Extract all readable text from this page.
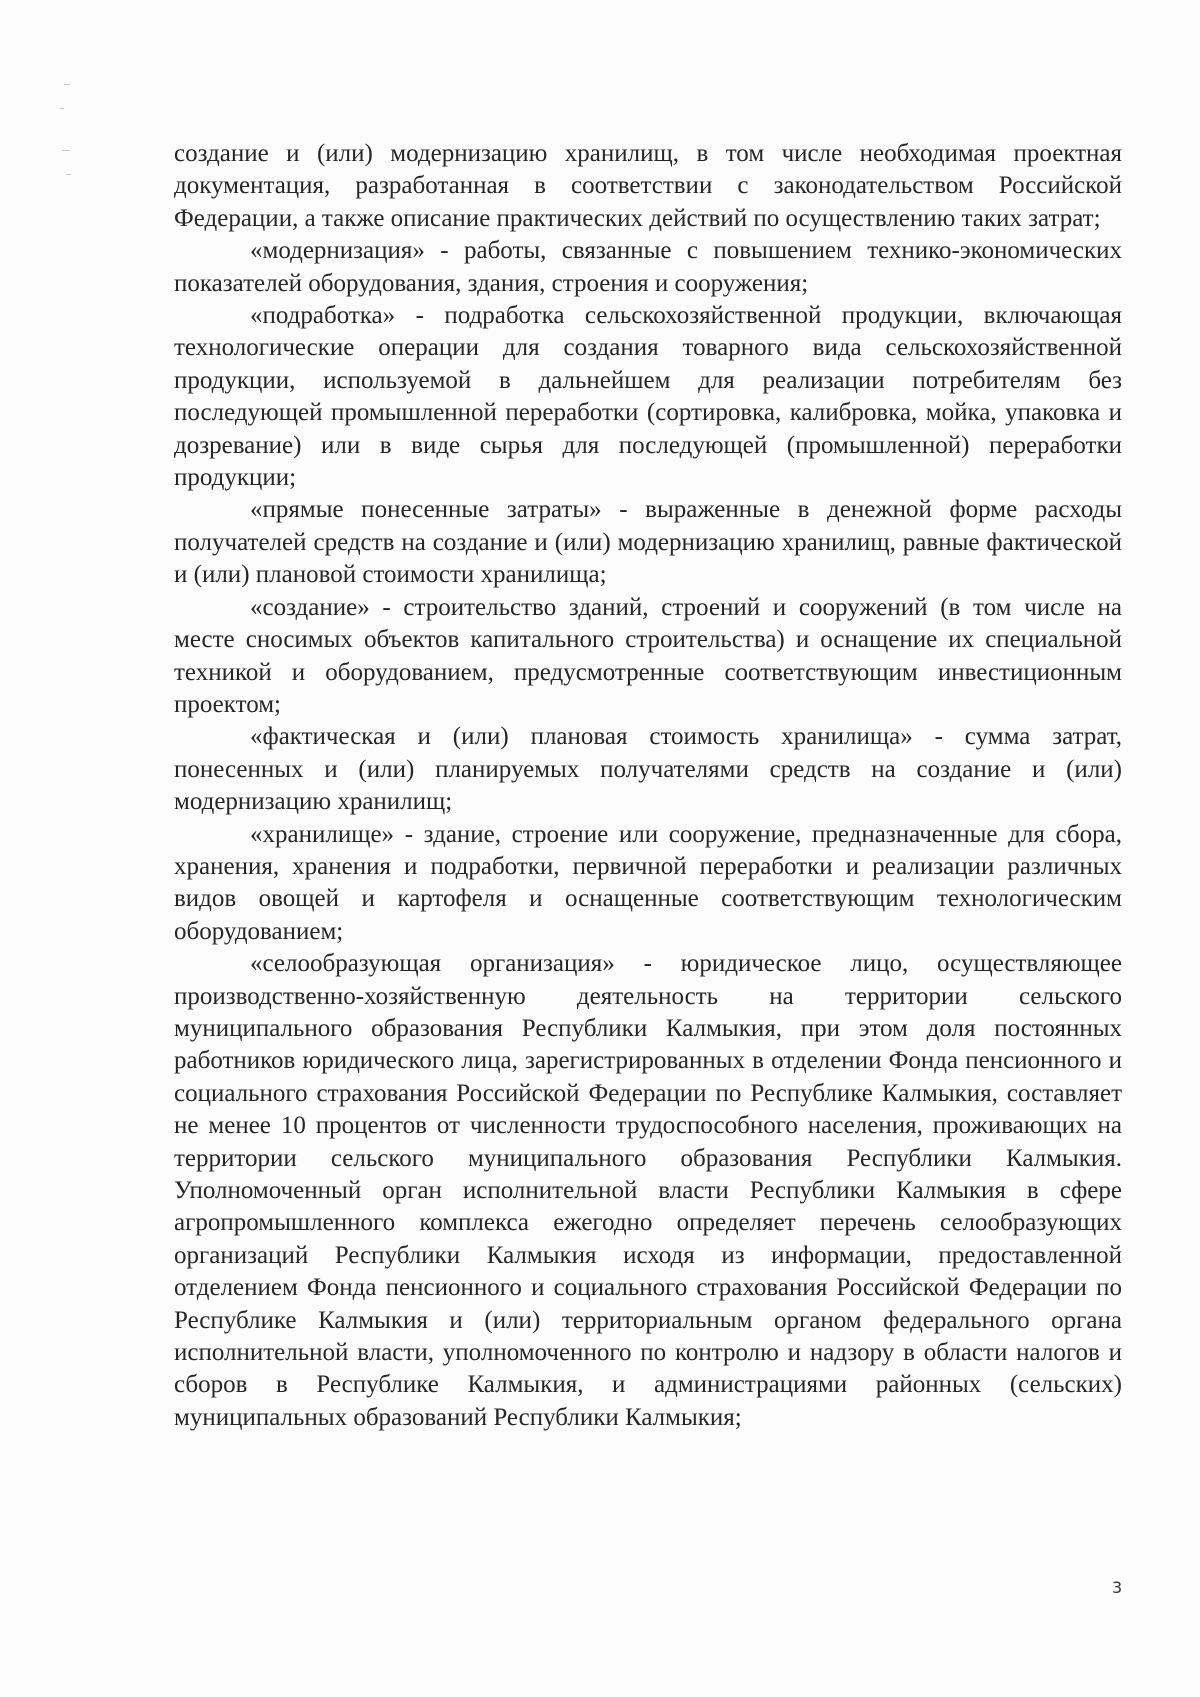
создание и (или) модернизацию хранилищ, в том числе необходимая проектная документация, разработанная в соответствии с законодательством Российской Федерации, а также описание практических действий по осуществлению таких затрат;

«модернизация» - работы, связанные с повышением технико-экономических показателей оборудования, здания, строения и сооружения;

«подработка» - подработка сельскохозяйственной продукции, включающая технологические операции для создания товарного вида сельскохозяйственной продукции, используемой в дальнейшем для реализации потребителям без последующей промышленной переработки (сортировка, калибровка, мойка, упаковка и дозревание) или в виде сырья для последующей (промышленной) переработки продукции;

«прямые понесенные затраты» - выраженные в денежной форме расходы получателей средств на создание и (или) модернизацию хранилищ, равные фактической и (или) плановой стоимости хранилища;

«создание» - строительство зданий, строений и сооружений (в том числе на месте сносимых объектов капитального строительства) и оснащение их специальной техникой и оборудованием, предусмотренные соответствующим инвестиционным проектом;

«фактическая и (или) плановая стоимость хранилища» - сумма затрат, понесенных и (или) планируемых получателями средств на создание и (или) модернизацию хранилищ;

«хранилище» - здание, строение или сооружение, предназначенные для сбора, хранения, хранения и подработки, первичной переработки и реализации различных видов овощей и картофеля и оснащенные соответствующим технологическим оборудованием;

«селообразующая организация» - юридическое лицо, осуществляющее производственно-хозяйственную деятельность на территории сельского муниципального образования Республики Калмыкия, при этом доля постоянных работников юридического лица, зарегистрированных в отделении Фонда пенсионного и социального страхования Российской Федерации по Республике Калмыкия, составляет не менее 10 процентов от численности трудоспособного населения, проживающих на территории сельского муниципального образования Республики Калмыкия. Уполномоченный орган исполнительной власти Республики Калмыкия в сфере агропромышленного комплекса ежегодно определяет перечень селообразующих организаций Республики Калмыкия исходя из информации, предоставленной отделением Фонда пенсионного и социального страхования Российской Федерации по Республике Калмыкия и (или) территориальным органом федерального органа исполнительной власти, уполномоченного по контролю и надзору в области налогов и сборов в Республике Калмыкия, и администрациями районных (сельских) муниципальных образований Республики Калмыкия;

3
